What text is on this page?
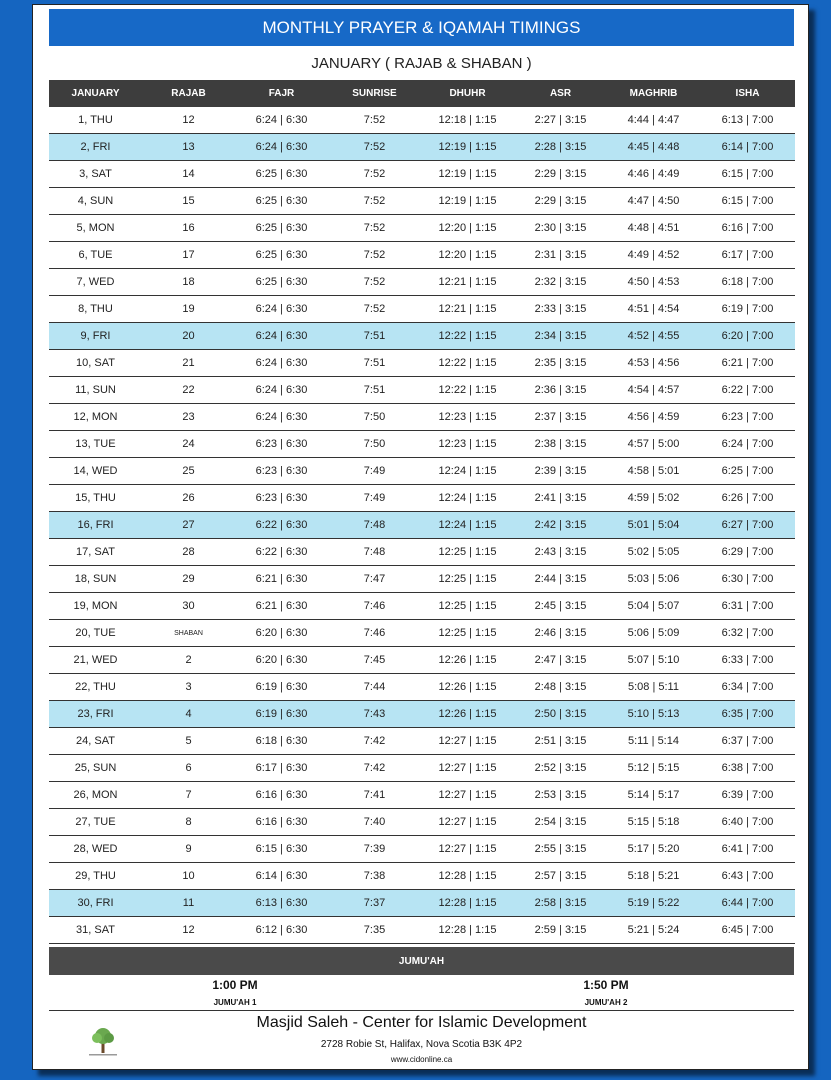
MONTHLY PRAYER & IQAMAH TIMINGS
JANUARY ( RAJAB & SHABAN )
JANUARY	RAJAB	FAJR	SUNRISE	DHUHR	ASR	MAGHRIB	ISHA
1, THU	12	6:24 | 6:30	7:52	12:18 | 1:15	2:27 | 3:15	4:44 | 4:47	6:13 | 7:00
2, FRI	13	6:24 | 6:30	7:52	12:19 | 1:15	2:28 | 3:15	4:45 | 4:48	6:14 | 7:00
3, SAT	14	6:25 | 6:30	7:52	12:19 | 1:15	2:29 | 3:15	4:46 | 4:49	6:15 | 7:00
4, SUN	15	6:25 | 6:30	7:52	12:19 | 1:15	2:29 | 3:15	4:47 | 4:50	6:15 | 7:00
5, MON	16	6:25 | 6:30	7:52	12:20 | 1:15	2:30 | 3:15	4:48 | 4:51	6:16 | 7:00
6, TUE	17	6:25 | 6:30	7:52	12:20 | 1:15	2:31 | 3:15	4:49 | 4:52	6:17 | 7:00
7, WED	18	6:25 | 6:30	7:52	12:21 | 1:15	2:32 | 3:15	4:50 | 4:53	6:18 | 7:00
8, THU	19	6:24 | 6:30	7:52	12:21 | 1:15	2:33 | 3:15	4:51 | 4:54	6:19 | 7:00
9, FRI	20	6:24 | 6:30	7:51	12:22 | 1:15	2:34 | 3:15	4:52 | 4:55	6:20 | 7:00
10, SAT	21	6:24 | 6:30	7:51	12:22 | 1:15	2:35 | 3:15	4:53 | 4:56	6:21 | 7:00
11, SUN	22	6:24 | 6:30	7:51	12:22 | 1:15	2:36 | 3:15	4:54 | 4:57	6:22 | 7:00
12, MON	23	6:24 | 6:30	7:50	12:23 | 1:15	2:37 | 3:15	4:56 | 4:59	6:23 | 7:00
13, TUE	24	6:23 | 6:30	7:50	12:23 | 1:15	2:38 | 3:15	4:57 | 5:00	6:24 | 7:00
14, WED	25	6:23 | 6:30	7:49	12:24 | 1:15	2:39 | 3:15	4:58 | 5:01	6:25 | 7:00
15, THU	26	6:23 | 6:30	7:49	12:24 | 1:15	2:41 | 3:15	4:59 | 5:02	6:26 | 7:00
16, FRI	27	6:22 | 6:30	7:48	12:24 | 1:15	2:42 | 3:15	5:01 | 5:04	6:27 | 7:00
17, SAT	28	6:22 | 6:30	7:48	12:25 | 1:15	2:43 | 3:15	5:02 | 5:05	6:29 | 7:00
18, SUN	29	6:21 | 6:30	7:47	12:25 | 1:15	2:44 | 3:15	5:03 | 5:06	6:30 | 7:00
19, MON	30	6:21 | 6:30	7:46	12:25 | 1:15	2:45 | 3:15	5:04 | 5:07	6:31 | 7:00
20, TUE	SHABAN	6:20 | 6:30	7:46	12:25 | 1:15	2:46 | 3:15	5:06 | 5:09	6:32 | 7:00
21, WED	2	6:20 | 6:30	7:45	12:26 | 1:15	2:47 | 3:15	5:07 | 5:10	6:33 | 7:00
22, THU	3	6:19 | 6:30	7:44	12:26 | 1:15	2:48 | 3:15	5:08 | 5:11	6:34 | 7:00
23, FRI	4	6:19 | 6:30	7:43	12:26 | 1:15	2:50 | 3:15	5:10 | 5:13	6:35 | 7:00
24, SAT	5	6:18 | 6:30	7:42	12:27 | 1:15	2:51 | 3:15	5:11 | 5:14	6:37 | 7:00
25, SUN	6	6:17 | 6:30	7:42	12:27 | 1:15	2:52 | 3:15	5:12 | 5:15	6:38 | 7:00
26, MON	7	6:16 | 6:30	7:41	12:27 | 1:15	2:53 | 3:15	5:14 | 5:17	6:39 | 7:00
27, TUE	8	6:16 | 6:30	7:40	12:27 | 1:15	2:54 | 3:15	5:15 | 5:18	6:40 | 7:00
28, WED	9	6:15 | 6:30	7:39	12:27 | 1:15	2:55 | 3:15	5:17 | 5:20	6:41 | 7:00
29, THU	10	6:14 | 6:30	7:38	12:28 | 1:15	2:57 | 3:15	5:18 | 5:21	6:43 | 7:00
30, FRI	11	6:13 | 6:30	7:37	12:28 | 1:15	2:58 | 3:15	5:19 | 5:22	6:44 | 7:00
31, SAT	12	6:12 | 6:30	7:35	12:28 | 1:15	2:59 | 3:15	5:21 | 5:24	6:45 | 7:00
JUMU'AH
1:00 PM
JUMU'AH 1
1:50 PM
JUMU'AH 2
Masjid Saleh - Center for Islamic Development
2728 Robie St, Halifax, Nova Scotia B3K 4P2
www.cidonline.ca
